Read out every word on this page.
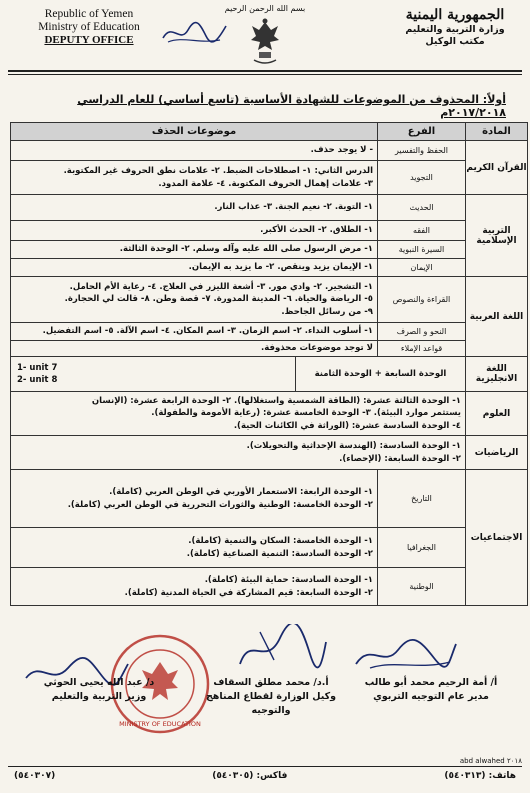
Republic of Yemen
Ministry of Education
DEPUTY OFFICE
بسم الله الرحمن الرحيم	الجمهورية اليمنية
وزارة التربية والتعليم
مكتب الوكيل
أولاً: المحذوف من الموضوعات للشهادة الأساسية (تاسع أساسي) للعام الدراسي ٢٠١٧/٢٠١٨م
المادة	الفرع	موضوعات الحذف
القرآن الكريم	الحفظ والتفسير	- لا يوجد حذف.

	التجويد	الدرس الثاني: ١- اصطلاحات الضبط. ٢- علامات نطق الحروف غير المكتوبة.
٣- علامات إهمال الحروف المكتوبة. ٤- علامة المدود.

التربية الإسلامية	الحديث	١- التوبة. ٢- نعيم الجنة. ٣- عذاب النار.

	الفقه	١- الطلاق. ٢- الحدث الأكبر.

	السيرة النبوية	١- مرض الرسول صلى الله عليه وآله وسلم. ٢- الوحدة الثالثة.

	الإيمان	١- الإيمان يزيد وينقص. ٢- ما يزيد به الإيمان.

اللغة العربية	القراءة والنصوص	١- التشجير. ٢- وادي مور. ٣- أشعة الليزر في العلاج. ٤- رعاية الأم الحامل.
٥- الرياضة والحياة. ٦- المدينة المدورة. ٧- قصة وطن. ٨- قالت لي الحجارة.
٩- من رسائل الجاحظ.

	النحو و الصرف	١- أسلوب النداء. ٢- اسم الزمان. ٣- اسم المكان. ٤- اسم الآلة. ٥- اسم التفضيل.

	قواعد الإملاء	لا توجد موضوعات محذوفة.

اللغة الانجليزية	الوحدة السابعة + الوحدة الثامنة
1- unit 7
2- unit 8	

العلوم	١- الوحدة الثالثة عشرة: (الطاقة الشمسية واستغلالها). ٢- الوحدة الرابعة عشرة: (الإنسان
يستثمر موارد البيئة). ٣- الوحدة الخامسة عشرة: (رعاية الأمومة والطفولة).
٤- الوحدة السادسة عشرة: (الوراثة في الكائنات الحية).	

الرياضيات	١- الوحدة السادسة: (الهندسة الإحداثية والتحويلات).
٢- الوحدة السابعة: (الإحصاء).	

الاجتماعيات	التاريخ	١- الوحدة الرابعة: الاستعمار الأوربي في الوطن العربي (كاملة).
٢- الوحدة الخامسة: الوطنية والثورات التحررية في الوطن العربي (كاملة).

	الجغرافيا	١- الوحدة الخامسة: السكان والتنمية (كاملة).
٢- الوحدة السادسة: التنمية الصناعية (كاملة).

	الوطنية	١- الوحدة السادسة: حماية البيئة (كاملة).
٢- الوحدة السابعة: قيم المشاركة في الحياة المدنية (كاملة).
MINISTRY OF EDUCATION
أ/ أمة الرحيم محمد أبو طالب
مدير عام التوجيه التربوي
أ.د/ محمد مطلق السقاف
وكيل الوزارة لقطاع المناهج والتوجيه
د/ عبد الله يحيى الحوثي
وزير التربية والتعليم
abd alwahed ٢٠١٨
هاتف: (٥٤٠٣١٣)
فاكس: (٥٤٠٣٠٥)
(٥٤٠٣٠٧)
